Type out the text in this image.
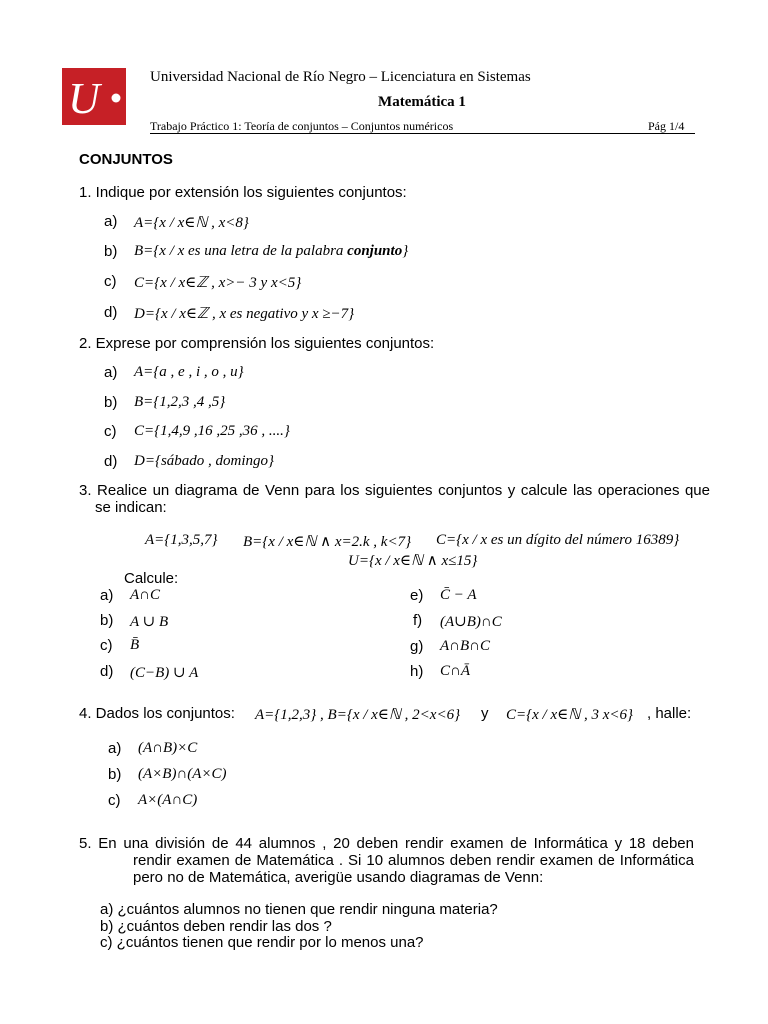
U	Universidad Nacional de Río Negro – Licenciatura en Sistemas
Matemática 1
Trabajo Práctico 1: Teoría de conjuntos – Conjuntos numéricos	Pág 1/4
CONJUNTOS
1. Indique por extensión los siguientes conjuntos:
a) A={x / x∈ℕ , x<8}
b) B={x / x es una letra de la palabra conjunto}
c) C={x / x∈ℤ , x>− 3 y x<5}
d) D={x / x∈ℤ , x es negativo y x ≥−7}
2. Exprese por comprensión los siguientes conjuntos:
a) A={a , e , i , o , u}
b) B={1,2,3 ,4 ,5}
c) C={1,4,9 ,16 ,25 ,36 , ....}
d) D={sábado , domingo}
3. Realice un diagrama de Venn para los siguientes conjuntos y calcule las operaciones que se indican:
A={1,3,5,7} B={x / x∈ℕ ∧ x=2.k , k<7} C={x / x es un dígito del número 16389}
U={x / x∈ℕ ∧ x≤15}
Calcule:
a) A∩C
b) A ∪ B
c) B̄
d) (C−B) ∪ A
e) C̄ − A
f) (A∪B)∩C
g) A∩B∩C
h) C∩Ā
4. Dados los conjuntos: A={1,2,3} , B={x / x∈ℕ , 2<x<6} y C={x / x∈ℕ , 3 x<6} , halle:
a) (A∩B)×C
b) (A×B)∩(A×C)
c) A×(A∩C)
5. En una división de 44 alumnos , 20 deben rendir examen de Informática y 18 deben rendir examen de Matemática . Si 10 alumnos deben rendir examen de Informática pero no de Matemática, averigüe usando diagramas de Venn:
a) ¿cuántos alumnos no tienen que rendir ninguna materia?
b) ¿cuántos deben rendir las dos ?
c) ¿cuántos tienen que rendir por lo menos una?
